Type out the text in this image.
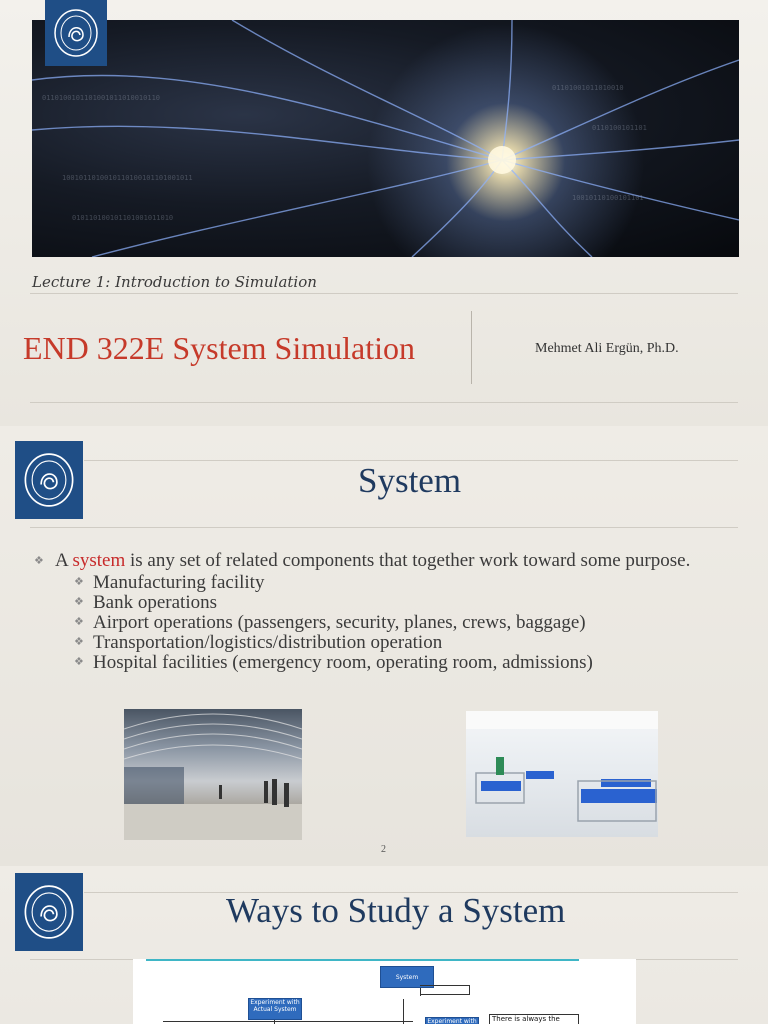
0110100101101001011010010110
1001011010010110100101101001011
010110100101101001011010
01101001011010010
10010110100101101
0110100101101
Lecture 1: Introduction to Simulation
END 322E System Simulation	Mehmet Ali Ergün, Ph.D.
System
❖ A system is any set of related components that together work toward some purpose.
❖ Manufacturing facility
❖ Bank operations
❖ Airport operations (passengers, security, planes, crews, baggage)
❖ Transportation/logistics/distribution operation
❖ Hospital facilities (emergency room, operating room, admissions)
2
Ways to Study a System
System
Experiment with Actual System
Experiment with	There is always the
